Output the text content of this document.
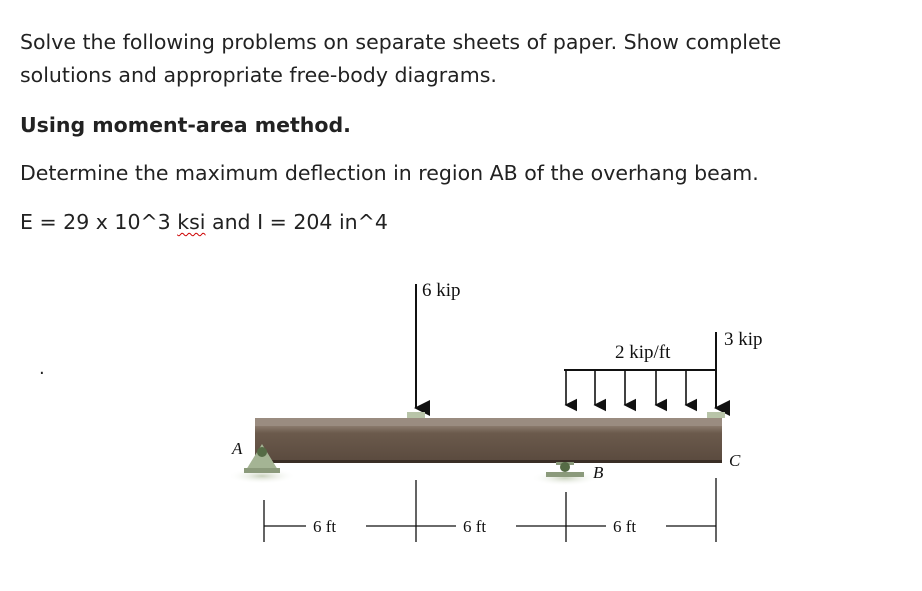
Solve the following problems on separate sheets of paper. Show complete
solutions and appropriate free-body diagrams.
Using moment-area method.
Determine the maximum deflection in region AB of the overhang beam.
E = 29 x 10^3 ksi and I = 204 in^4
.
A
B
C
6 kip
2 kip/ft
3 kip
6 ft	6 ft	6 ft
